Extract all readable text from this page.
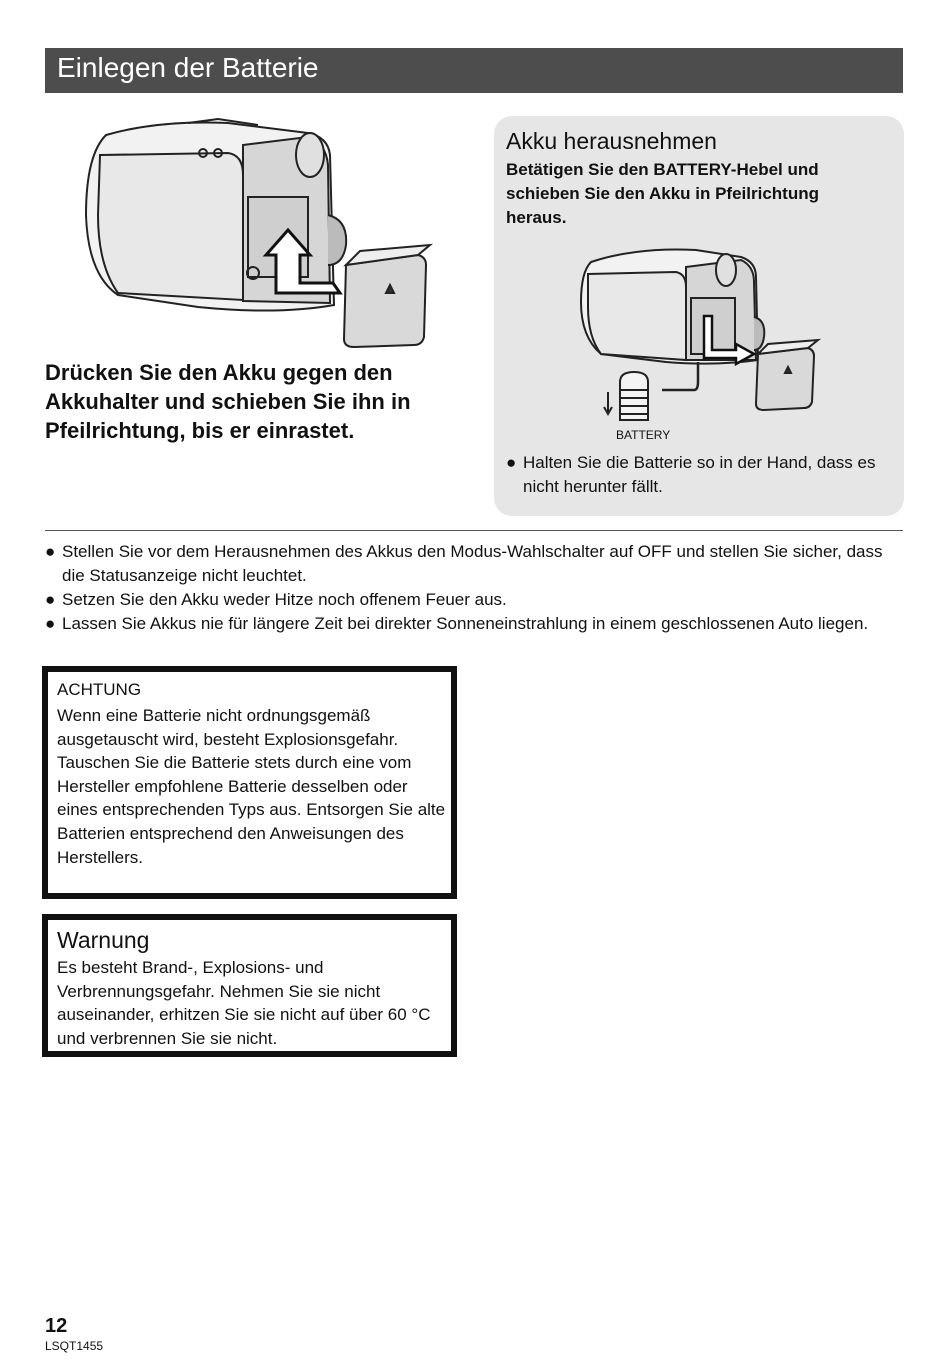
Einlegen der Batterie
Drücken Sie den Akku gegen den Akkuhalter und schieben Sie ihn in Pfeilrichtung, bis er einrastet.
Akku herausnehmen
Betätigen Sie den BATTERY-Hebel und schieben Sie den Akku in Pfeilrichtung heraus.
BATTERY
● Halten Sie die Batterie so in der Hand, dass es nicht herunter fällt.
● Stellen Sie vor dem Herausnehmen des Akkus den Modus-Wahlschalter auf OFF und stellen Sie sicher, dass die Statusanzeige nicht leuchtet.
● Setzen Sie den Akku weder Hitze noch offenem Feuer aus.
● Lassen Sie Akkus nie für längere Zeit bei direkter Sonneneinstrahlung in einem geschlossenen Auto liegen.
ACHTUNG
Wenn eine Batterie nicht ordnungsgemäß ausgetauscht wird, besteht Explosionsgefahr. Tauschen Sie die Batterie stets durch eine vom Hersteller empfohlene Batterie desselben oder eines entsprechenden Typs aus. Entsorgen Sie alte Batterien entsprechend den Anweisungen des Herstellers.
Warnung
Es besteht Brand-, Explosions- und Verbrennungsgefahr. Nehmen Sie sie nicht auseinander, erhitzen Sie sie nicht auf über 60 °C und verbrennen Sie sie nicht.
12
LSQT1455
